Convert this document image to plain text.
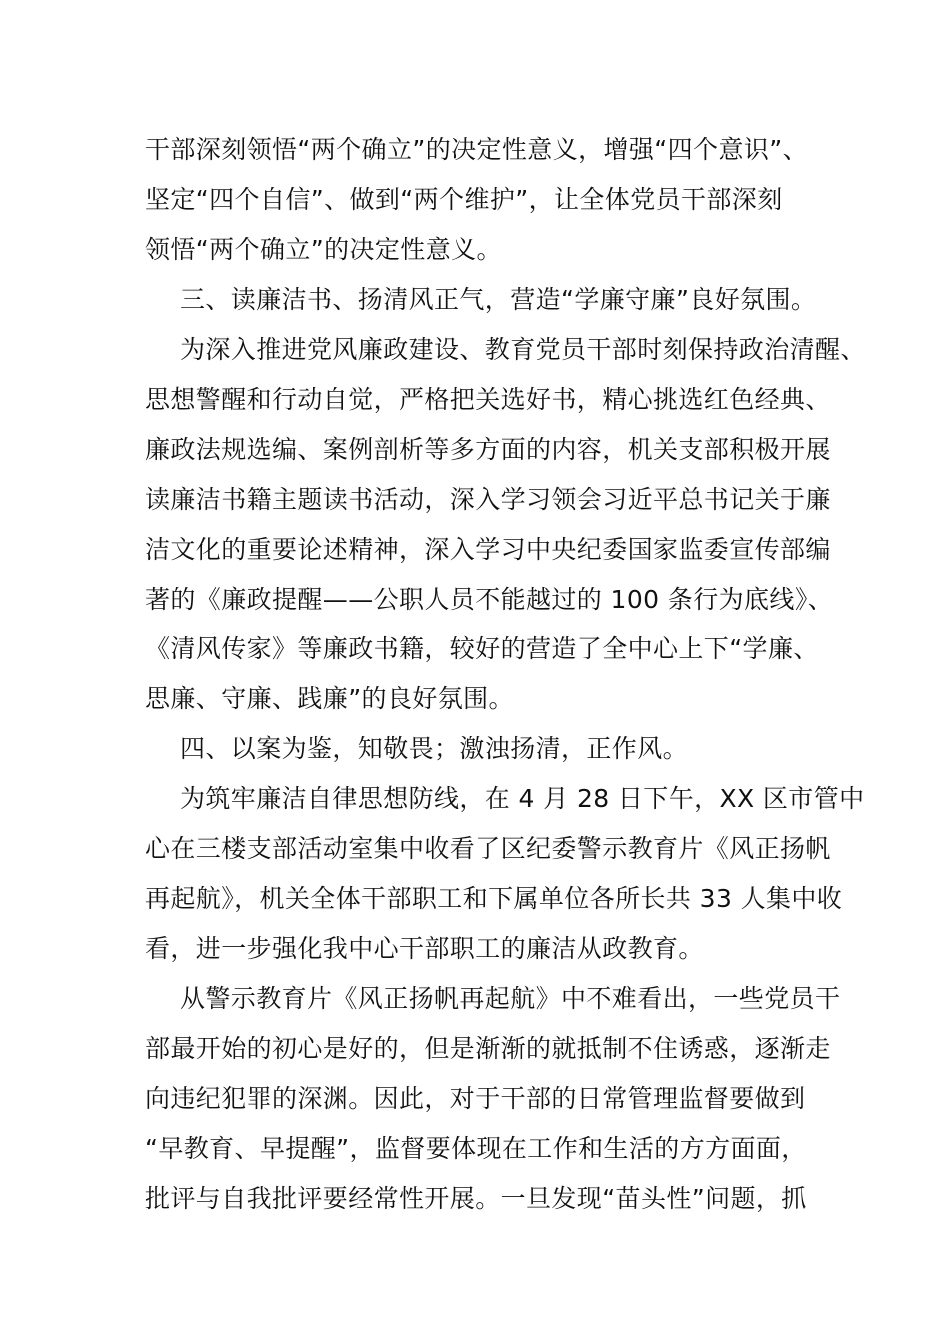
干部深刻领悟“两个确立”的决定性意义，增强“四个意识”、
坚定“四个自信”、做到“两个维护”，让全体党员干部深刻
领悟“两个确立”的决定性意义。
三、读廉洁书、扬清风正气，营造“学廉守廉”良好氛围。
为深入推进党风廉政建设、教育党员干部时刻保持政治清醒、
思想警醒和行动自觉，严格把关选好书，精心挑选红色经典、
廉政法规选编、案例剖析等多方面的内容，机关支部积极开展
读廉洁书籍主题读书活动，深入学习领会习近平总书记关于廉
洁文化的重要论述精神，深入学习中央纪委国家监委宣传部编
著的《廉政提醒——公职人员不能越过的 100 条行为底线》、
《清风传家》等廉政书籍，较好的营造了全中心上下“学廉、
思廉、守廉、践廉”的良好氛围。
四、以案为鉴，知敬畏；激浊扬清，正作风。
为筑牢廉洁自律思想防线，在 4 月 28 日下午，XX 区市管中
心在三楼支部活动室集中收看了区纪委警示教育片《风正扬帆
再起航》，机关全体干部职工和下属单位各所长共 33 人集中收
看，进一步强化我中心干部职工的廉洁从政教育。
从警示教育片《风正扬帆再起航》中不难看出，一些党员干
部最开始的初心是好的，但是渐渐的就抵制不住诱惑，逐渐走
向违纪犯罪的深渊。因此，对于干部的日常管理监督要做到
“早教育、早提醒”，监督要体现在工作和生活的方方面面，
批评与自我批评要经常性开展。一旦发现“苗头性”问题，抓
